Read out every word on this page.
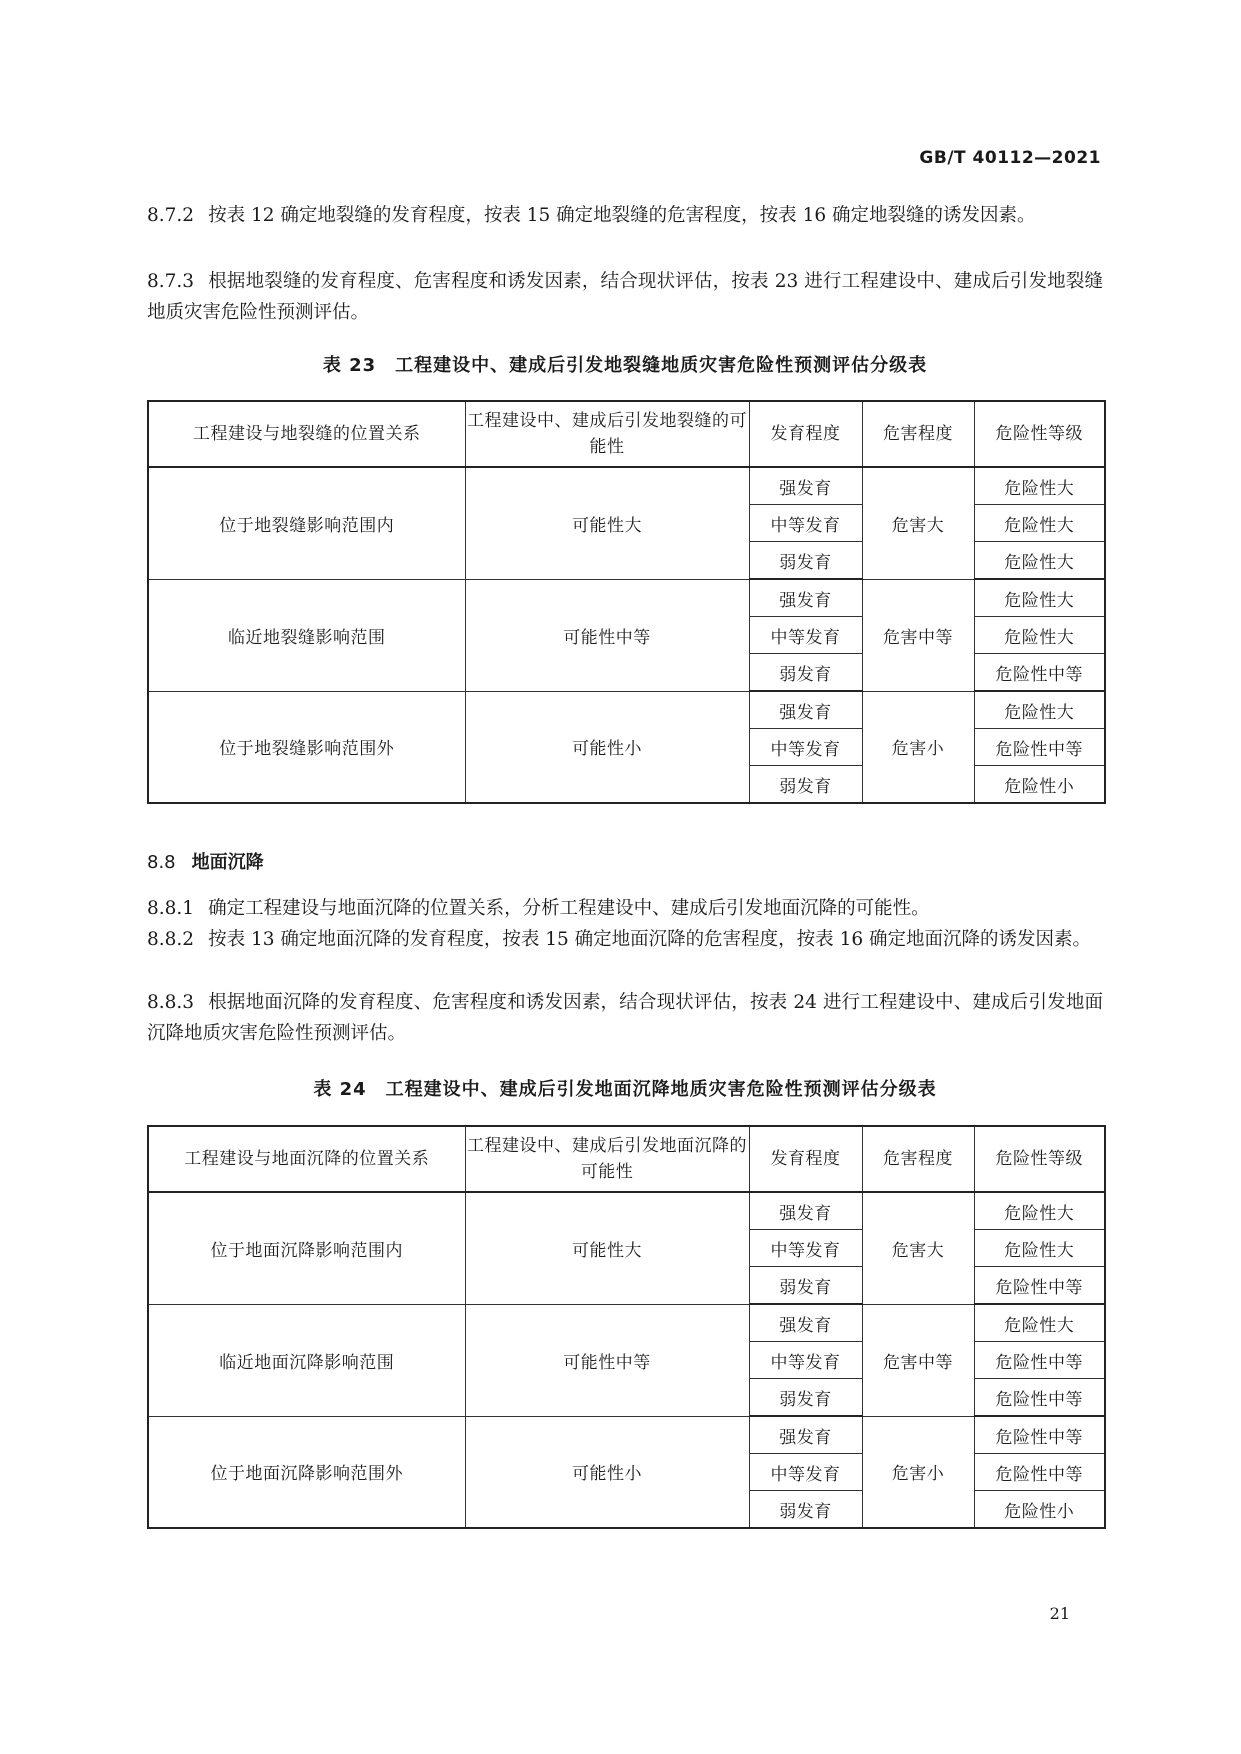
GB/T 40112—2021
8.7.2 按表 12 确定地裂缝的发育程度，按表 15 确定地裂缝的危害程度，按表 16 确定地裂缝的诱发因素。
8.7.3 根据地裂缝的发育程度、危害程度和诱发因素，结合现状评估，按表 23 进行工程建设中、建成后引发地裂缝地质灾害危险性预测评估。
表 23　工程建设中、建成后引发地裂缝地质灾害危险性预测评估分级表
工程建设与地裂缝的位置关系	工程建设中、建成后引发地裂缝的可能性	发育程度	危害程度	危险性等级
位于地裂缝影响范围内	可能性大	强发育	危害大	危险性大
		中等发育		危险性大
		弱发育		危险性大
临近地裂缝影响范围	可能性中等	强发育	危害中等	危险性大
		中等发育		危险性大
		弱发育		危险性中等
位于地裂缝影响范围外	可能性小	强发育	危害小	危险性大
		中等发育		危险性中等
		弱发育		危险性小
8.8 地面沉降
8.8.1 确定工程建设与地面沉降的位置关系，分析工程建设中、建成后引发地面沉降的可能性。
8.8.2 按表 13 确定地面沉降的发育程度，按表 15 确定地面沉降的危害程度，按表 16 确定地面沉降的诱发因素。
8.8.3 根据地面沉降的发育程度、危害程度和诱发因素，结合现状评估，按表 24 进行工程建设中、建成后引发地面沉降地质灾害危险性预测评估。
表 24　工程建设中、建成后引发地面沉降地质灾害危险性预测评估分级表
工程建设与地面沉降的位置关系	工程建设中、建成后引发地面沉降的可能性	发育程度	危害程度	危险性等级
位于地面沉降影响范围内	可能性大	强发育	危害大	危险性大
		中等发育		危险性大
		弱发育		危险性中等
临近地面沉降影响范围	可能性中等	强发育	危害中等	危险性大
		中等发育		危险性中等
		弱发育		危险性中等
位于地面沉降影响范围外	可能性小	强发育	危害小	危险性中等
		中等发育		危险性中等
		弱发育		危险性小
21
